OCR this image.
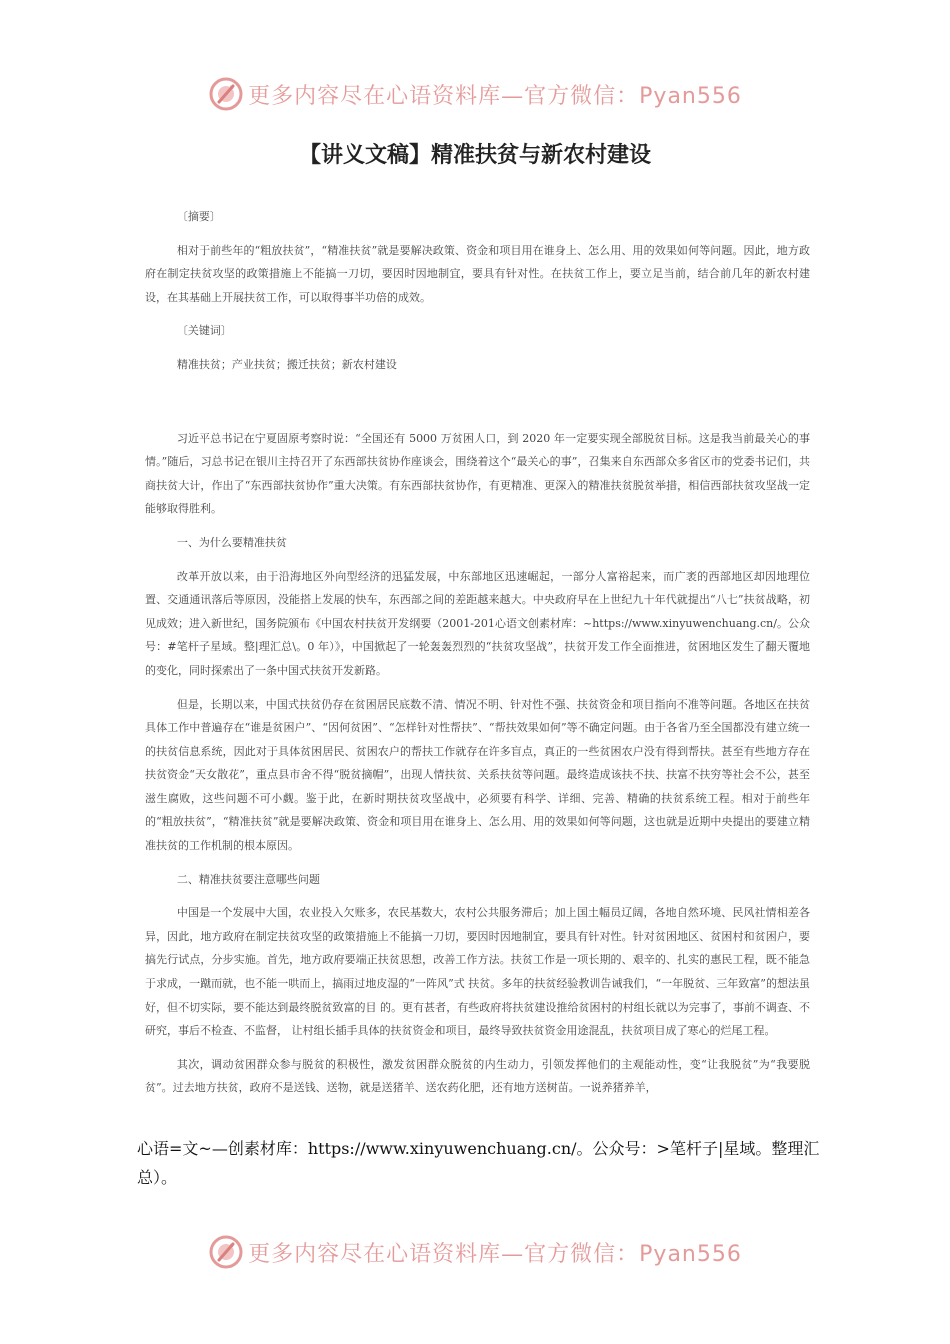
更多内容尽在心语资料库—官方微信：Pyan556
【讲义文稿】精准扶贫与新农村建设

〔摘要〕

相对于前些年的“粗放扶贫”，“精准扶贫”就是要解决政策、资金和项目用在谁身上、怎么用、用的效果如何等问题。因此，地方政府在制定扶贫攻坚的政策措施上不能搞一刀切，要因时因地制宜，要具有针对性。在扶贫工作上，要立足当前，结合前几年的新农村建设，在其基础上开展扶贫工作，可以取得事半功倍的成效。

〔关键词〕

精准扶贫；产业扶贫；搬迁扶贫；新农村建设

习近平总书记在宁夏固原考察时说：“全国还有 5000 万贫困人口，到 2020 年一定要实现全部脱贫目标。这是我当前最关心的事情。”随后，习总书记在银川主持召开了东西部扶贫协作座谈会，围绕着这个“最关心的事”，召集来自东西部众多省区市的党委书记们，共商扶贫大计，作出了“东西部扶贫协作”重大决策。有东西部扶贫协作，有更精准、更深入的精准扶贫脱贫举措，相信西部扶贫攻坚战一定能够取得胜利。

一、为什么要精准扶贫

改革开放以来，由于沿海地区外向型经济的迅猛发展，中东部地区迅速崛起，一部分人富裕起来，而广袤的西部地区却因地理位置、交通通讯落后等原因，没能搭上发展的快车，东西部之间的差距越来越大。中央政府早在上世纪九十年代就提出“八七”扶贫战略，初见成效；进入新世纪，国务院颁布《中国农村扶贫开发纲要（2001-201心语文创素材库：~https://www.xinyuwenchuang.cn/。公众号：#笔杆子星域。整|理汇总\。0 年）》，中国掀起了一轮轰轰烈烈的“扶贫攻坚战”，扶贫开发工作全面推进，贫困地区发生了翻天覆地的变化，同时探索出了一条中国式扶贫开发新路。

但是，长期以来，中国式扶贫仍存在贫困居民底数不清、情况不明、针对性不强、扶贫资金和项目指向不准等问题。各地区在扶贫具体工作中普遍存在“谁是贫困户”、“因何贫困”、“怎样针对性帮扶”、“帮扶效果如何”等不确定问题。由于各省乃至全国都没有建立统一的扶贫信息系统，因此对于具体贫困居民、贫困农户的帮扶工作就存在许多盲点，真正的一些贫困农户没有得到帮扶。甚至有些地方存在扶贫资金“天女散花”，重点县市舍不得“脱贫摘帽”，出现人情扶贫、关系扶贫等问题。最终造成该扶不扶、扶富不扶穷等社会不公，甚至滋生腐败，这些问题不可小觑。鉴于此，在新时期扶贫攻坚战中，必须要有科学、详细、完善、精确的扶贫系统工程。相对于前些年的“粗放扶贫”，“精准扶贫”就是要解决政策、资金和项目用在谁身上、怎么用、用的效果如何等问题，这也就是近期中央提出的要建立精准扶贫的工作机制的根本原因。

二、精准扶贫要注意哪些问题

中国是一个发展中大国，农业投入欠账多，农民基数大，农村公共服务滞后；加上国土幅员辽阔，各地自然环境、民风社情相差各异，因此，地方政府在制定扶贫攻坚的政策措施上不能搞一刀切，要因时因地制宜，要具有针对性。针对贫困地区、贫困村和贫困户，要搞先行试点，分步实施。首先，地方政府要端正扶贫思想，改善工作方法。扶贫工作是一项长期的、艰辛的、扎实的惠民工程，既不能急于求成，一蹴而就，也不能一哄而上，搞雨过地皮湿的“一阵风”式 扶贫。多年的扶贫经验教训告诫我们，“一年脱贫、三年致富”的想法虽好，但不切实际，要不能达到最终脱贫致富的目 的。更有甚者，有些政府将扶贫建设推给贫困村的村组长就以为完事了，事前不调查、不研究，事后不检查、不监督， 让村组长插手具体的扶贫资金和项目，最终导致扶贫资金用途混乱，扶贫项目成了寒心的烂尾工程。

其次，调动贫困群众参与脱贫的积极性，激发贫困群众脱贫的内生动力，引领发挥他们的主观能动性，变“让我脱贫”为“我要脱贫”。过去地方扶贫，政府不是送钱、送物，就是送猪羊、送农药化肥，还有地方送树苗。一说养猪养羊，

心语=文~—创素材库：https://www.xinyuwenchuang.cn/。公众号：>笔杆子|星域。整理汇总）。
更多内容尽在心语资料库—官方微信：Pyan556
